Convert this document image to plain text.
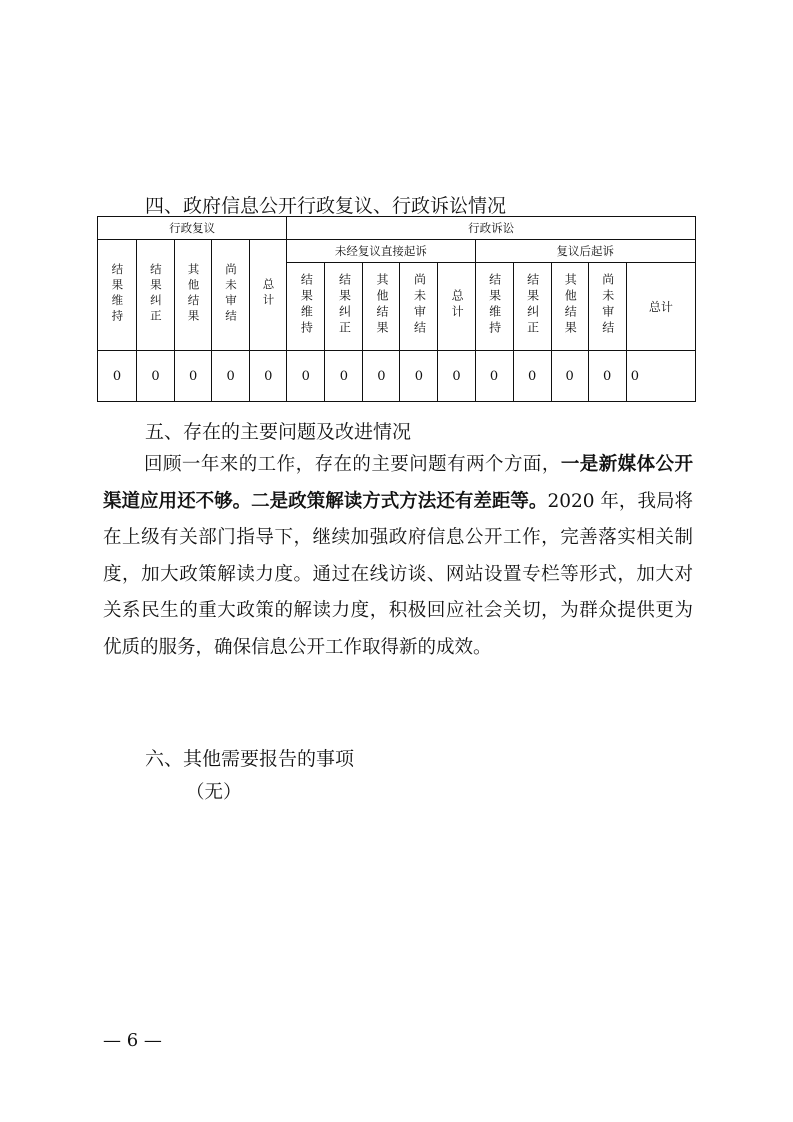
四、政府信息公开行政复议、行政诉讼情况
行政复议					行政诉讼									
结果维持	结果纠正	其他结果	尚未审结	总计	未经复议直接起诉					复议后起诉				
					结果维持	结果纠正	其他结果	尚未审结	总计	结果维持	结果纠正	其他结果	尚未审结	总计
0	0	0	0	0	0	0	0	0	0	0	0	0	0	0
五、存在的主要问题及改进情况

回顾一年来的工作，存在的主要问题有两个方面，一是新媒体公开渠道应用还不够。二是政策解读方式方法还有差距等。2020 年，我局将在上级有关部门指导下，继续加强政府信息公开工作，完善落实相关制度，加大政策解读力度。通过在线访谈、网站设置专栏等形式，加大对关系民生的重大政策的解读力度，积极回应社会关切，为群众提供更为优质的服务，确保信息公开工作取得新的成效。

六、其他需要报告的事项
（无）
— 6 —
